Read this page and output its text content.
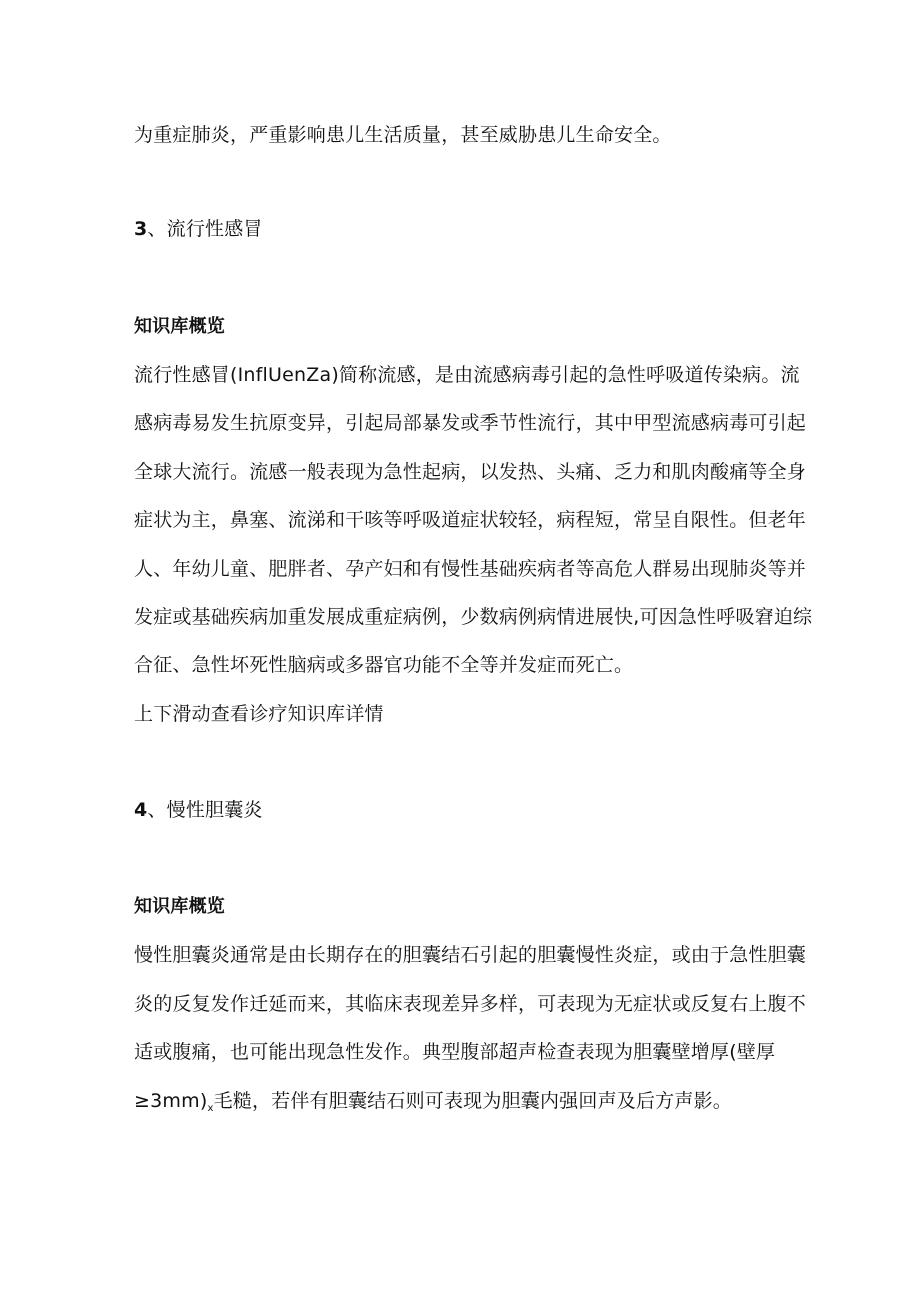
为重症肺炎，严重影响患儿生活质量，甚至威胁患儿生命安全。
3、流行性感冒
知识库概览
流行性感冒(InflUenZa)简称流感，是由流感病毒引起的急性呼吸道传染病。流
感病毒易发生抗原变异，引起局部暴发或季节性流行，其中甲型流感病毒可引起
全球大流行。流感一般表现为急性起病，以发热、头痛、乏力和肌肉酸痛等全身
症状为主，鼻塞、流涕和干咳等呼吸道症状较轻，病程短，常呈自限性。但老年
人、年幼儿童、肥胖者、孕产妇和有慢性基础疾病者等高危人群易出现肺炎等并
发症或基础疾病加重发展成重症病例，少数病例病情进展快,可因急性呼吸窘迫综
合征、急性坏死性脑病或多器官功能不全等并发症而死亡。
上下滑动查看诊疗知识库详情
4、慢性胆囊炎
知识库概览
慢性胆囊炎通常是由长期存在的胆囊结石引起的胆囊慢性炎症，或由于急性胆囊
炎的反复发作迁延而来，其临床表现差异多样，可表现为无症状或反复右上腹不
适或腹痛，也可能出现急性发作。典型腹部超声检查表现为胆囊壁增厚(壁厚
$\ge 3mm)_x$毛糙，若伴有胆囊结石则可表现为胆囊内强回声及后方声影。
